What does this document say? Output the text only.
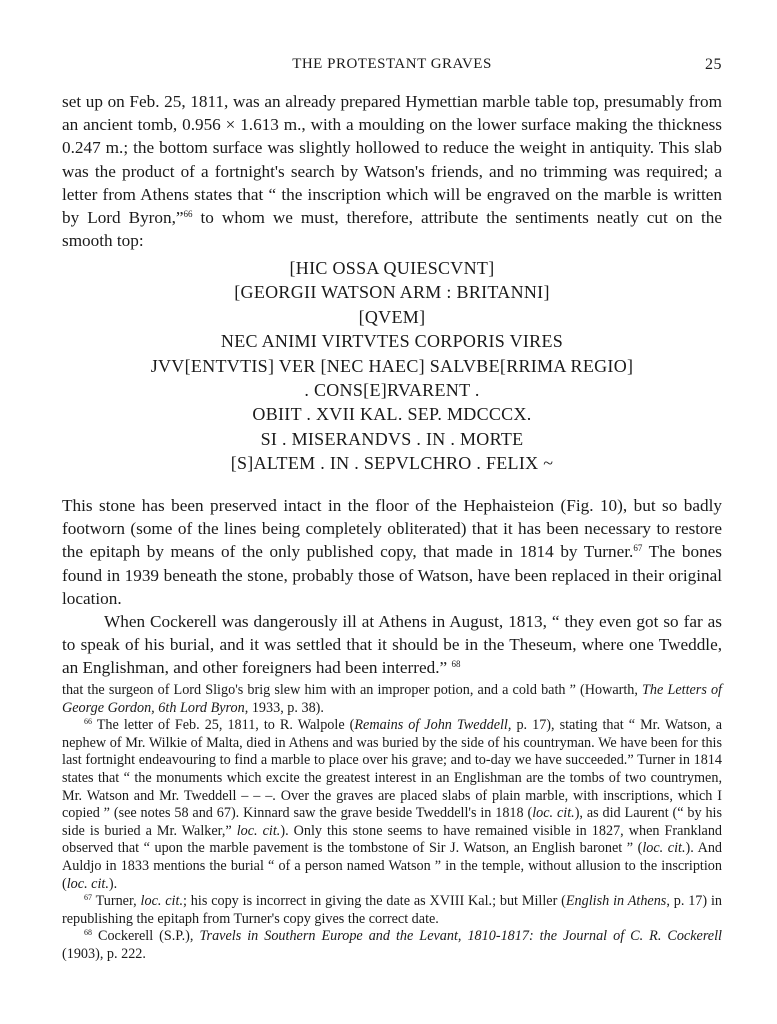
THE PROTESTANT GRAVES	25

set up on Feb. 25, 1811, was an already prepared Hymettian marble table top, presumably from an ancient tomb, 0.956 × 1.613 m., with a moulding on the lower surface making the thickness 0.247 m.; the bottom surface was slightly hollowed to reduce the weight in antiquity. This slab was the product of a fortnight's search by Watson's friends, and no trimming was required; a letter from Athens states that “ the inscription which will be engraved on the marble is written by Lord Byron,”$^{66}$ to whom we must, therefore, attribute the sentiments neatly cut on the smooth top:

[HIC OSSA QUIESCVNT]
[GEORGII WATSON ARM : BRITANNI]
[QVEM]
NEC ANIMI VIRTVTES CORPORIS VIRES
JVV[ENTVTIS] VER [NEC HAEC] SALVBE[RRIMA REGIO]
. CONS[E]RVARENT .
OBIIT . XVII KAL. SEP. MDCCCX.
SI . MISERANDVS . IN . MORTE
[S]ALTEM . IN . SEPVLCHRO . FELIX ~

This stone has been preserved intact in the floor of the Hephaisteion (Fig. 10), but so badly footworn (some of the lines being completely obliterated) that it has been necessary to restore the epitaph by means of the only published copy, that made in 1814 by Turner.$^{67}$ The bones found in 1939 beneath the stone, probably those of Watson, have been replaced in their original location.

When Cockerell was dangerously ill at Athens in August, 1813, “ they even got so far as to speak of his burial, and it was settled that it should be in the Theseum, where one Tweddle, an Englishman, and other foreigners had been interred.” $^{68}$

that the surgeon of Lord Sligo's brig slew him with an improper potion, and a cold bath ” (Howarth, The Letters of George Gordon, 6th Lord Byron, 1933, p. 38).

$^{66}$ The letter of Feb. 25, 1811, to R. Walpole (Remains of John Tweddell, p. 17), stating that “ Mr. Watson, a nephew of Mr. Wilkie of Malta, died in Athens and was buried by the side of his countryman. We have been for this last fortnight endeavouring to find a marble to place over his grave; and to-day we have succeeded.” Turner in 1814 states that “ the monuments which excite the greatest interest in an Englishman are the tombs of two countrymen, Mr. Watson and Mr. Tweddell – – –. Over the graves are placed slabs of plain marble, with inscriptions, which I copied ” (see notes 58 and 67). Kinnard saw the grave beside Tweddell's in 1818 (loc. cit.), as did Laurent (“ by his side is buried a Mr. Walker,” loc. cit.). Only this stone seems to have remained visible in 1827, when Frankland observed that “ upon the marble pavement is the tombstone of Sir J. Watson, an English baronet ” (loc. cit.). And Auldjo in 1833 mentions the burial “ of a person named Watson ” in the temple, without allusion to the inscription (loc. cit.).

$^{67}$ Turner, loc. cit.; his copy is incorrect in giving the date as XVIII Kal.; but Miller (English in Athens, p. 17) in republishing the epitaph from Turner's copy gives the correct date.

$^{68}$ Cockerell (S.P.), Travels in Southern Europe and the Levant, 1810-1817: the Journal of C. R. Cockerell (1903), p. 222.
